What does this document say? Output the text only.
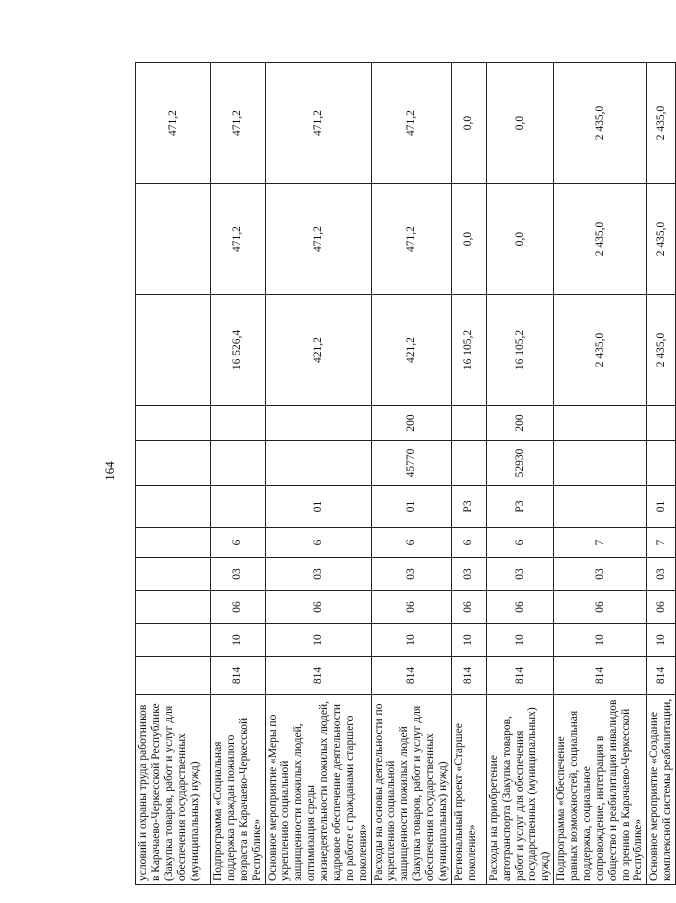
164
условий и охраны труда работников в Карачаево-Черкесской Республике (Закупка товаров, работ и услуг для обеспечения государственных (муниципальных) нужд)											471,2
Подпрограмма «Социальная поддержка граждан пожилого возраста в Карачаево-Черкесской Республике»	814	10	06	03	6				16 526,4	471,2	471,2
Основное мероприятие «Меры по укреплению социальной защищенности пожилых людей, оптимизация среды жизнедеятельности пожилых людей, кадровое обеспечение деятельности по работе с гражданами старшего поколения»	814	10	06	03	6	01			421,2	471,2	471,2
Расходы на основы деятельности по укреплению социальной защищенности пожилых людей (Закупка товаров, работ и услуг для обеспечения государственных (муниципальных) нужд)	814	10	06	03	6	01	45770	200	421,2	471,2	471,2
Региональный проект «Старшее поколение»	814	10	06	03	6	P3			16 105,2	0,0	0,0
Расходы на приобретение автотранспорта (Закупка товаров, работ и услуг для обеспечения государственных (муниципальных) нужд)	814	10	06	03	6	P3	52930	200	16 105,2	0,0	0,0
Подпрограмма «Обеспечение равных возможностей, социальная поддержка, социальное сопровождение, интеграция в общество и реабилитация инвалидов по зрению в Карачаево-Черкесской Республике»	814	10	06	03	7				2 435,0	2 435,0	2 435,0
Основное мероприятие «Создание комплексной системы реабилитации,	814	10	06	03	7	01			2 435,0	2 435,0	2 435,0
